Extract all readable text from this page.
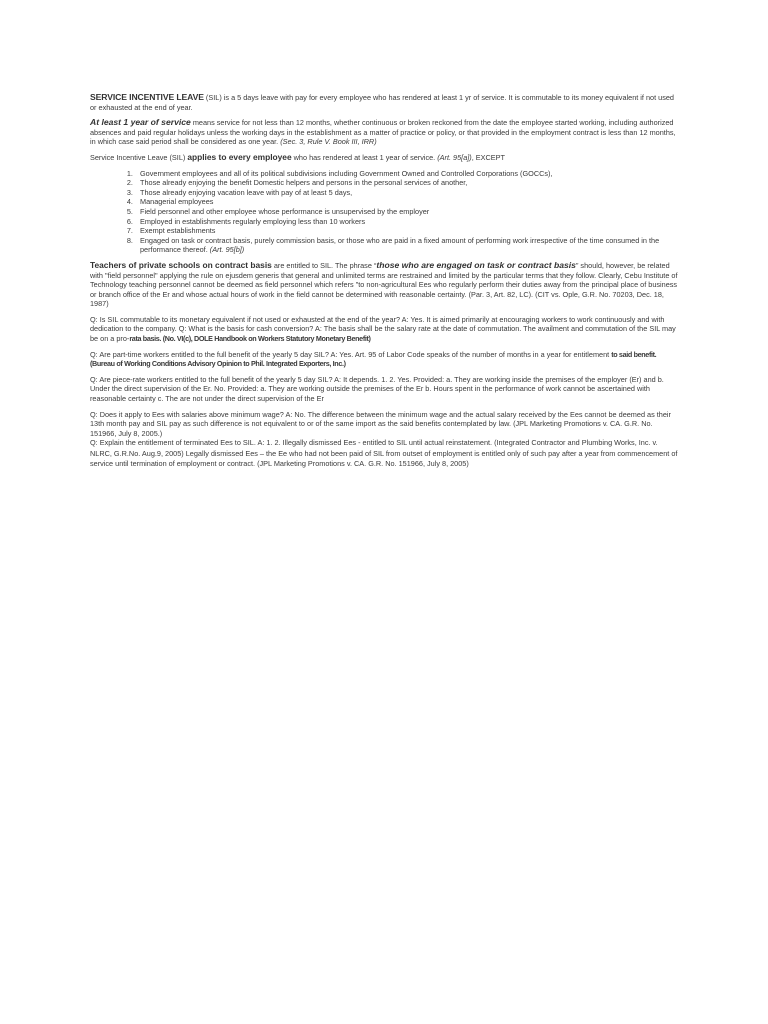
SERVICE INCENTIVE LEAVE (SIL) is a 5 days leave with pay for every employee who has rendered at least 1 yr of service. It is commutable to its money equivalent if not used or exhausted at the end of year.

At least 1 year of service means service for not less than 12 months, whether continuous or broken reckoned from the date the employee started working, including authorized absences and paid regular holidays unless the working days in the establishment as a matter of practice or policy, or that provided in the employment contract is less than 12 months, in which case said period shall be considered as one year. (Sec. 3, Rule V. Book III, IRR)

Service Incentive Leave (SIL) applies to every employee who has rendered at least 1 year of service. (Art. 95[a]), EXCEPT

1. Government employees and all of its political subdivisions including Government Owned and Controlled Corporations (GOCCs),
2. Those already enjoying the benefit Domestic helpers and persons in the personal services of another,
3. Those already enjoying vacation leave with pay of at least 5 days,
4. Managerial employees
5. Field personnel and other employee whose performance is unsupervised by the employer
6. Employed in establishments regularly employing less than 10 workers
7. Exempt establishments
8. Engaged on task or contract basis, purely commission basis, or those who are paid in a fixed amount of performing work irrespective of the time consumed in the performance thereof. (Art. 95[b])

Teachers of private schools on contract basis are entitled to SIL. The phrase “those who are engaged on task or contract basis” should, however, be related with "field personnel" applying the rule on ejusdem generis that general and unlimited terms are restrained and limited by the particular terms that they follow. Clearly, Cebu Institute of Technology teaching personnel cannot be deemed as field personnel which refers "to non-agricultural Ees who regularly perform their duties away from the principal place of business or branch office of the Er and whose actual hours of work in the field cannot be determined with reasonable certainty. (Par. 3, Art. 82, LC). (CIT vs. Ople, G.R. No. 70203, Dec. 18, 1987)

Q: Is SIL commutable to its monetary equivalent if not used or exhausted at the end of the year? A: Yes. It is aimed primarily at encouraging workers to work continuously and with dedication to the company. Q: What is the basis for cash conversion? A: The basis shall be the salary rate at the date of commutation. The availment and commutation of the SIL may be on a pro-rata basis. (No. VI(c), DOLE Handbook on Workers Statutory Monetary Benefit)

Q: Are part-time workers entitled to the full benefit of the yearly 5 day SIL? A: Yes. Art. 95 of Labor Code speaks of the number of months in a year for entitlement to said benefit. (Bureau of Working Conditions Advisory Opinion to Phil. Integrated Exporters, Inc.)

Q: Are piece-rate workers entitled to the full benefit of the yearly 5 day SIL? A: It depends. 1. 2. Yes. Provided: a. They are working inside the premises of the employer (Er) and b. Under the direct supervision of the Er. No. Provided: a. They are working outside the premises of the Er b. Hours spent in the performance of work cannot be ascertained with reasonable certainty c. The are not under the direct supervision of the Er

Q: Does it apply to Ees with salaries above minimum wage? A: No. The difference between the minimum wage and the actual salary received by the Ees cannot be deemed as their 13th month pay and SIL pay as such difference is not equivalent to or of the same import as the said benefits contemplated by law. (JPL Marketing Promotions v. CA. G.R. No. 151966, July 8, 2005.)

Q: Explain the entitlement of terminated Ees to SIL. A: 1. 2. Illegally dismissed Ees - entitled to SIL until actual reinstatement. (Integrated Contractor and Plumbing Works, Inc. v. NLRC, G.R.No. Aug.9, 2005) Legally dismissed Ees – the Ee who had not been paid of SIL from outset of employment is entitled only of such pay after a year from commencement of service until termination of employment or contract. (JPL Marketing Promotions v. CA. G.R. No. 151966, July 8, 2005)
